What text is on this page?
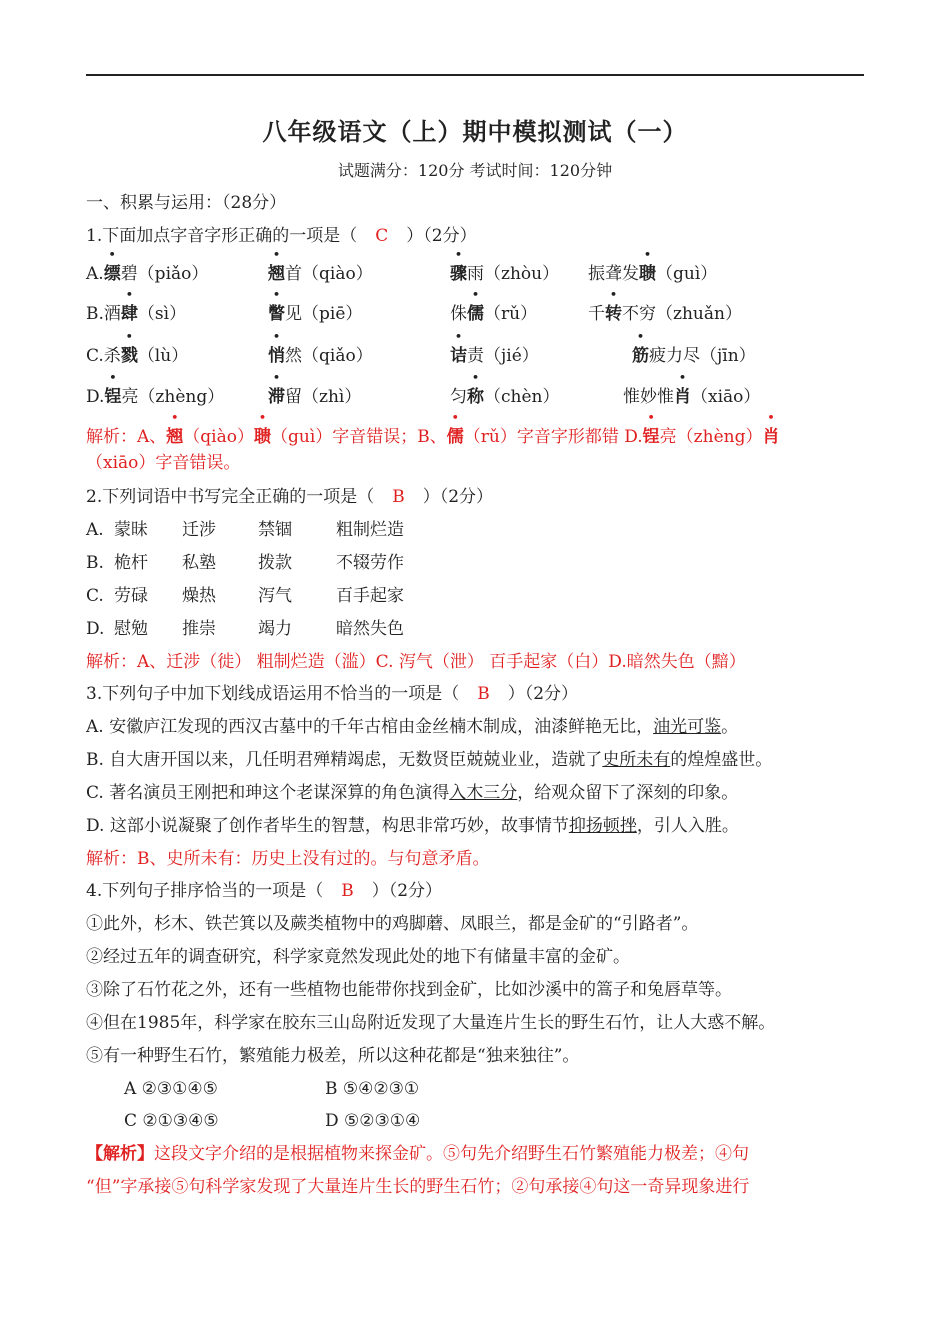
八年级语文（上）期中模拟测试（一）
试题满分：120分 考试时间：120分钟
一、积累与运用：（28分）
1.下面加点字音字形正确的一项是（ C ）（2分）
A.缥碧（piǎo）	翘首（qiào）	骤雨（zhòu） 振聋发聩（guì）
B.酒肆（sì）	瞥见（piē）	侏儒（rǔ）	千转不穷（zhuǎn）
C.杀戮（lù）	悄然（qiǎo）	诘责（jié）	筋疲力尽（jīn）
D.锃亮（zhèng）	滞留（zhì）	匀称（chèn）	惟妙惟肖（xiāo）
解析：A、翘（qiào）聩（guì）字音错误；B、儒（rǔ）字音字形都错 D.锃亮（zhèng）肖
（xiāo）字音错误。
2.下列词语中书写完全正确的一项是（ B ）（2分）
A. 蒙昧 迁涉 禁锢	粗制烂造
B. 桅杆 私塾 拨款	不辍劳作
C. 劳碌 燥热 泻气	百手起家
D. 慰勉 推崇 竭力	暗然失色
解析：A、迁涉（徙） 粗制烂造（滥）C. 泻气（泄） 百手起家（白）D.暗然失色（黯）
3.下列句子中加下划线成语运用不恰当的一项是（ B ）（2分）
A. 安徽庐江发现的西汉古墓中的千年古棺由金丝楠木制成，油漆鲜艳无比，油光可鉴。
B. 自大唐开国以来，几任明君殚精竭虑，无数贤臣兢兢业业，造就了史所未有的煌煌盛世。
C. 著名演员王刚把和珅这个老谋深算的角色演得入木三分，给观众留下了深刻的印象。
D. 这部小说凝聚了创作者毕生的智慧，构思非常巧妙，故事情节抑扬顿挫，引人入胜。
解析：B、史所未有：历史上没有过的。与句意矛盾。
4.下列句子排序恰当的一项是（ B ）（2分）
①此外，杉木、铁芒箕以及蕨类植物中的鸡脚蘑、凤眼兰，都是金矿的“引路者”。
②经过五年的调查研究，科学家竟然发现此处的地下有储量丰富的金矿。
③除了石竹花之外，还有一些植物也能带你找到金矿，比如沙溪中的篙子和兔唇草等。
④但在1985年，科学家在胶东三山岛附近发现了大量连片生长的野生石竹，让人大惑不解。
⑤有一种野生石竹，繁殖能力极差，所以这种花都是“独来独往”。
A ②③①④⑤	B ⑤④②③①
C ②①③④⑤	D ⑤②③①④
【解析】这段文字介绍的是根据植物来探金矿。⑤句先介绍野生石竹繁殖能力极差；④句
“但”字承接⑤句科学家发现了大量连片生长的野生石竹；②句承接④句这一奇异现象进行
